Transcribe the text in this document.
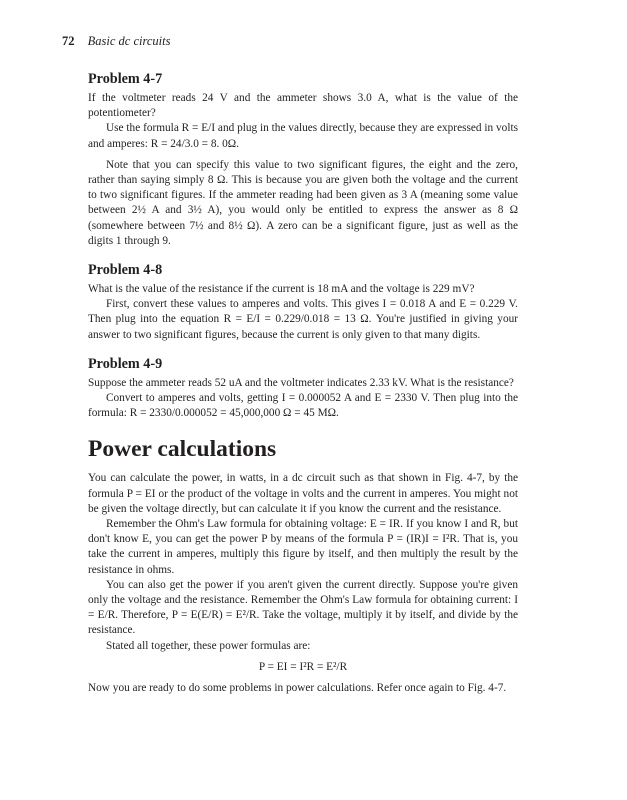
72 Basic dc circuits
Problem 4-7

If the voltmeter reads 24 V and the ammeter shows 3.0 A, what is the value of the potentiometer?

Use the formula R = E/I and plug in the values directly, because they are expressed in volts and amperes: R = 24/3.0 = 8. 0Ω.

Note that you can specify this value to two significant figures, the eight and the zero, rather than saying simply 8 Ω. This is because you are given both the voltage and the current to two significant figures. If the ammeter reading had been given as 3 A (meaning some value between 2½ A and 3½ A), you would only be entitled to express the answer as 8 Ω (somewhere between 7½ and 8½ Ω). A zero can be a significant figure, just as well as the digits 1 through 9.

Problem 4-8

What is the value of the resistance if the current is 18 mA and the voltage is 229 mV?

First, convert these values to amperes and volts. This gives I = 0.018 A and E = 0.229 V. Then plug into the equation R = E/I = 0.229/0.018 = 13 Ω. You're justified in giving your answer to two significant figures, because the current is only given to that many digits.

Problem 4-9

Suppose the ammeter reads 52 uA and the voltmeter indicates 2.33 kV. What is the resistance?

Convert to amperes and volts, getting I = 0.000052 A and E = 2330 V. Then plug into the formula: R = 2330/0.000052 = 45,000,000 Ω = 45 MΩ.

Power calculations

You can calculate the power, in watts, in a dc circuit such as that shown in Fig. 4-7, by the formula P = EI or the product of the voltage in volts and the current in amperes. You might not be given the voltage directly, but can calculate it if you know the current and the resistance.

Remember the Ohm's Law formula for obtaining voltage: E = IR. If you know I and R, but don't know E, you can get the power P by means of the formula P = (IR)I = I²R. That is, you take the current in amperes, multiply this figure by itself, and then multiply the result by the resistance in ohms.

You can also get the power if you aren't given the current directly. Suppose you're given only the voltage and the resistance. Remember the Ohm's Law formula for obtaining current: I = E/R. Therefore, P = E(E/R) = E²/R. Take the voltage, multiply it by itself, and divide by the resistance.

Stated all together, these power formulas are:

P = EI = I²R = E²/R

Now you are ready to do some problems in power calculations. Refer once again to Fig. 4-7.
